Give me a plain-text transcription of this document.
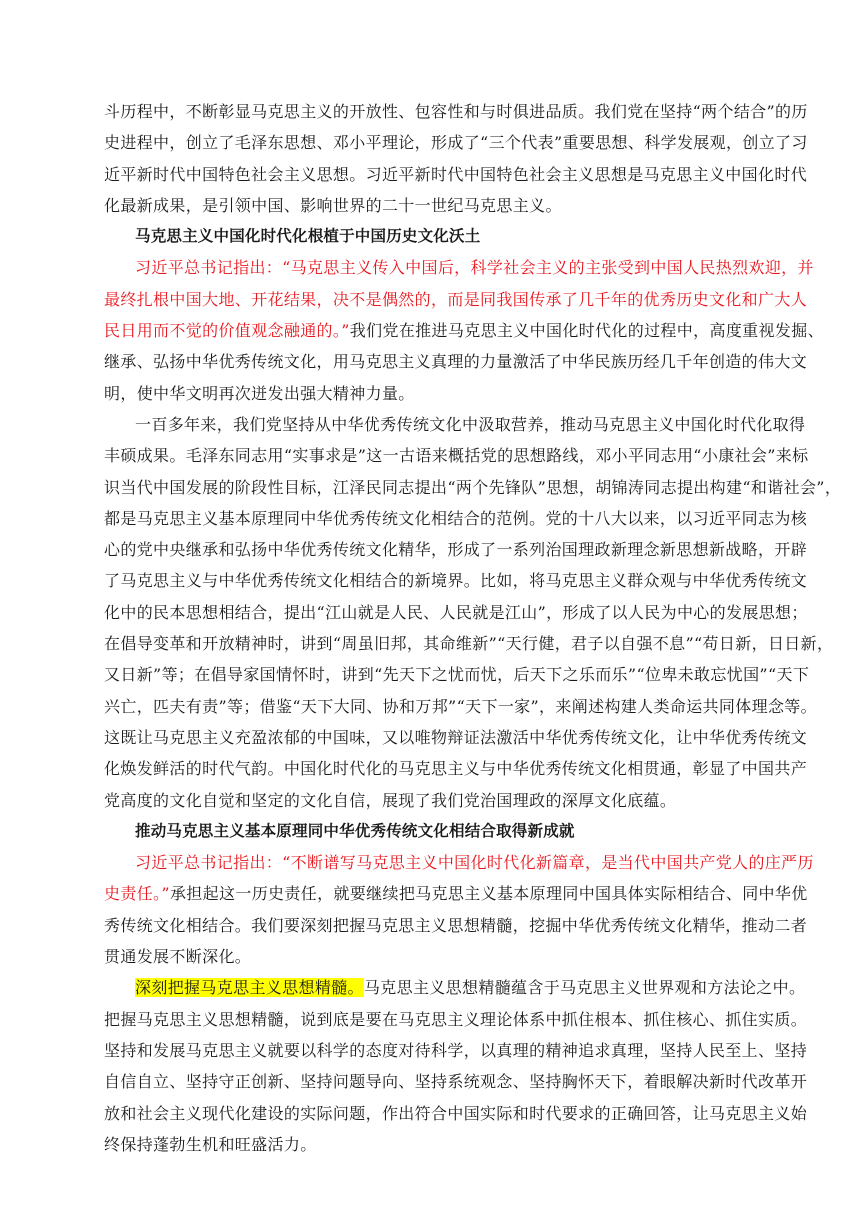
斗历程中，不断彰显马克思主义的开放性、包容性和与时俱进品质。我们党在坚持“两个结合”的历
史进程中，创立了毛泽东思想、邓小平理论，形成了“三个代表”重要思想、科学发展观，创立了习
近平新时代中国特色社会主义思想。习近平新时代中国特色社会主义思想是马克思主义中国化时代
化最新成果，是引领中国、影响世界的二十一世纪马克思主义。
马克思主义中国化时代化根植于中国历史文化沃土
习近平总书记指出：“马克思主义传入中国后，科学社会主义的主张受到中国人民热烈欢迎，并
最终扎根中国大地、开花结果，决不是偶然的，而是同我国传承了几千年的优秀历史文化和广大人
民日用而不觉的价值观念融通的。”我们党在推进马克思主义中国化时代化的过程中，高度重视发掘、
继承、弘扬中华优秀传统文化，用马克思主义真理的力量激活了中华民族历经几千年创造的伟大文
明，使中华文明再次迸发出强大精神力量。
一百多年来，我们党坚持从中华优秀传统文化中汲取营养，推动马克思主义中国化时代化取得
丰硕成果。毛泽东同志用“实事求是”这一古语来概括党的思想路线，邓小平同志用“小康社会”来标
识当代中国发展的阶段性目标，江泽民同志提出“两个先锋队”思想，胡锦涛同志提出构建“和谐社会”，
都是马克思主义基本原理同中华优秀传统文化相结合的范例。党的十八大以来，以习近平同志为核
心的党中央继承和弘扬中华优秀传统文化精华，形成了一系列治国理政新理念新思想新战略，开辟
了马克思主义与中华优秀传统文化相结合的新境界。比如，将马克思主义群众观与中华优秀传统文
化中的民本思想相结合，提出“江山就是人民、人民就是江山”，形成了以人民为中心的发展思想；
在倡导变革和开放精神时，讲到“周虽旧邦，其命维新”“天行健，君子以自强不息”“苟日新，日日新，
又日新”等；在倡导家国情怀时，讲到“先天下之忧而忧，后天下之乐而乐”“位卑未敢忘忧国”“天下
兴亡，匹夫有责”等；借鉴“天下大同、协和万邦”“天下一家”，来阐述构建人类命运共同体理念等。
这既让马克思主义充盈浓郁的中国味，又以唯物辩证法激活中华优秀传统文化，让中华优秀传统文
化焕发鲜活的时代气韵。中国化时代化的马克思主义与中华优秀传统文化相贯通，彰显了中国共产
党高度的文化自觉和坚定的文化自信，展现了我们党治国理政的深厚文化底蕴。
推动马克思主义基本原理同中华优秀传统文化相结合取得新成就
习近平总书记指出：“不断谱写马克思主义中国化时代化新篇章，是当代中国共产党人的庄严历
史责任。”承担起这一历史责任，就要继续把马克思主义基本原理同中国具体实际相结合、同中华优
秀传统文化相结合。我们要深刻把握马克思主义思想精髓，挖掘中华优秀传统文化精华，推动二者
贯通发展不断深化。
深刻把握马克思主义思想精髓。马克思主义思想精髓蕴含于马克思主义世界观和方法论之中。
把握马克思主义思想精髓，说到底是要在马克思主义理论体系中抓住根本、抓住核心、抓住实质。
坚持和发展马克思主义就要以科学的态度对待科学，以真理的精神追求真理，坚持人民至上、坚持
自信自立、坚持守正创新、坚持问题导向、坚持系统观念、坚持胸怀天下，着眼解决新时代改革开
放和社会主义现代化建设的实际问题，作出符合中国实际和时代要求的正确回答，让马克思主义始
终保持蓬勃生机和旺盛活力。
